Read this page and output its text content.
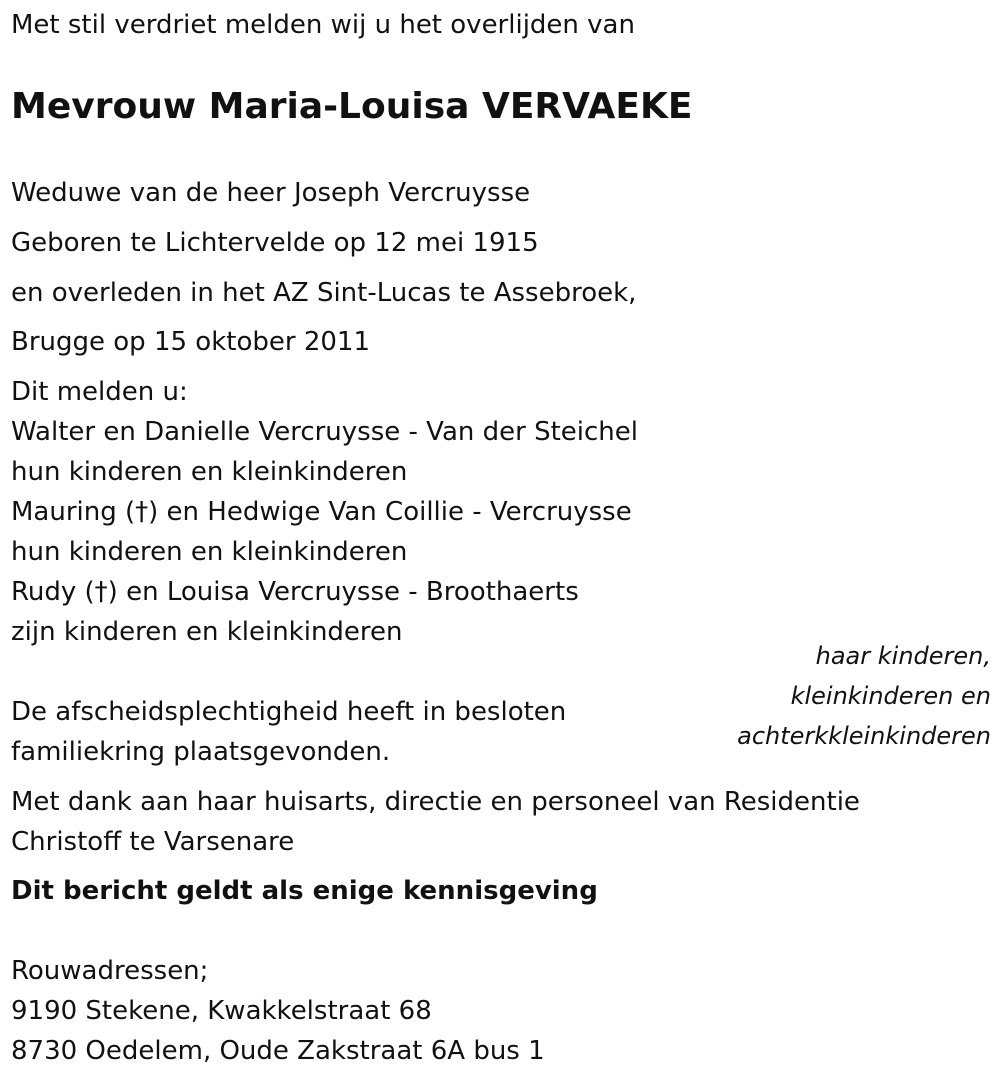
Met stil verdriet melden wij u het overlijden van
Mevrouw Maria-Louisa VERVAEKE
Weduwe van de heer Joseph Vercruysse
Geboren te Lichtervelde op 12 mei 1915
en overleden in het AZ Sint-Lucas te Assebroek,
Brugge op 15 oktober 2011
Dit melden u:
Walter en Danielle Vercruysse - Van der Steichel
hun kinderen en kleinkinderen
Mauring (†) en Hedwige Van Coillie - Vercruysse
hun kinderen en kleinkinderen
Rudy (†) en Louisa Vercruysse - Broothaerts
zijn kinderen en kleinkinderen
haar kinderen,
kleinkinderen en
achterkkleinkinderen
De afscheidsplechtigheid heeft in besloten
familiekring plaatsgevonden.
Met dank aan haar huisarts, directie en personeel van Residentie
Christoff te Varsenare
Dit bericht geldt als enige kennisgeving
Rouwadressen;
9190 Stekene, Kwakkelstraat 68
8730 Oedelem, Oude Zakstraat 6A bus 1
